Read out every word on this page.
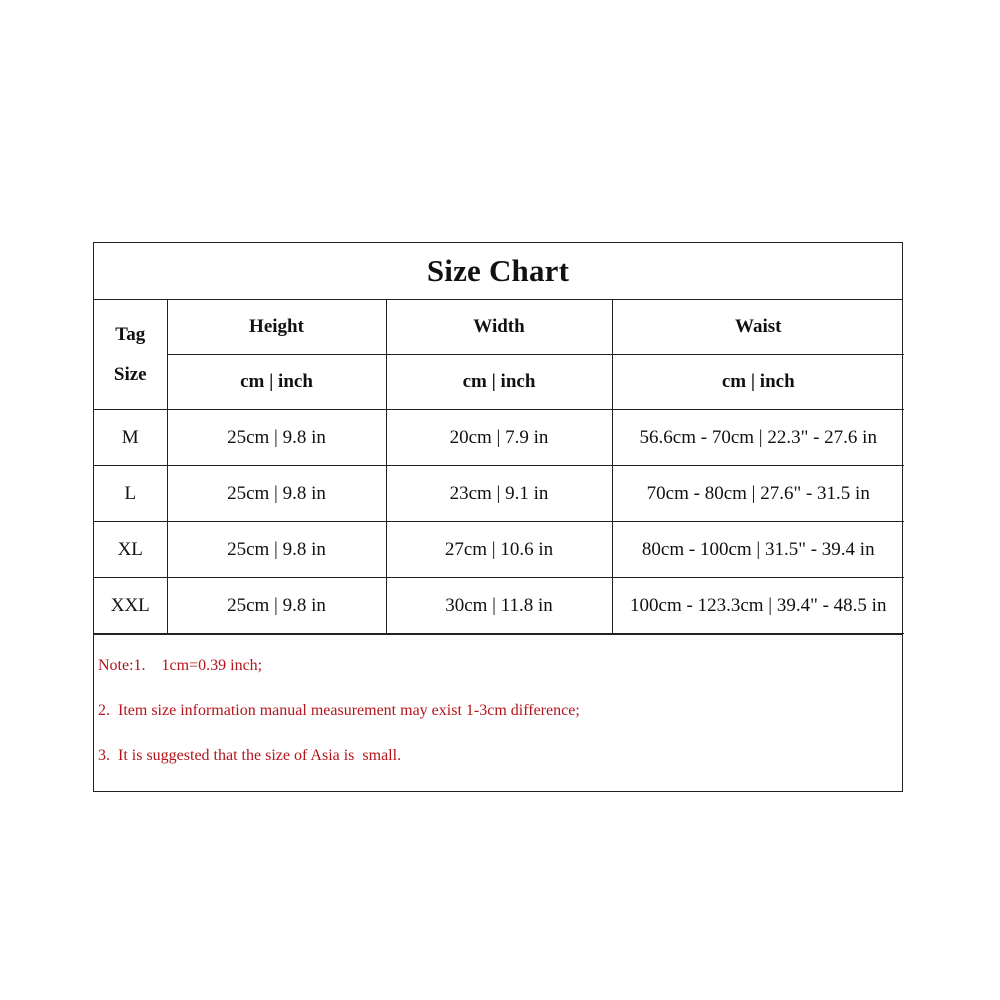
Size Chart
Tag
Size	Height	Width	Waist
	cm | inch	cm | inch	cm | inch
M	25cm | 9.8 in	20cm | 7.9 in	56.6cm - 70cm | 22.3" - 27.6 in
L	25cm | 9.8 in	23cm | 9.1 in	70cm - 80cm | 27.6" - 31.5 in
XL	25cm | 9.8 in	27cm | 10.6 in	80cm - 100cm | 31.5" - 39.4 in
XXL	25cm | 9.8 in	30cm | 11.8 in	100cm - 123.3cm | 39.4" - 48.5 in
Note:1.    1cm=0.39 inch;
2.  Item size information manual measurement may exist 1-3cm difference;
3.  It is suggested that the size of Asia is  small.
